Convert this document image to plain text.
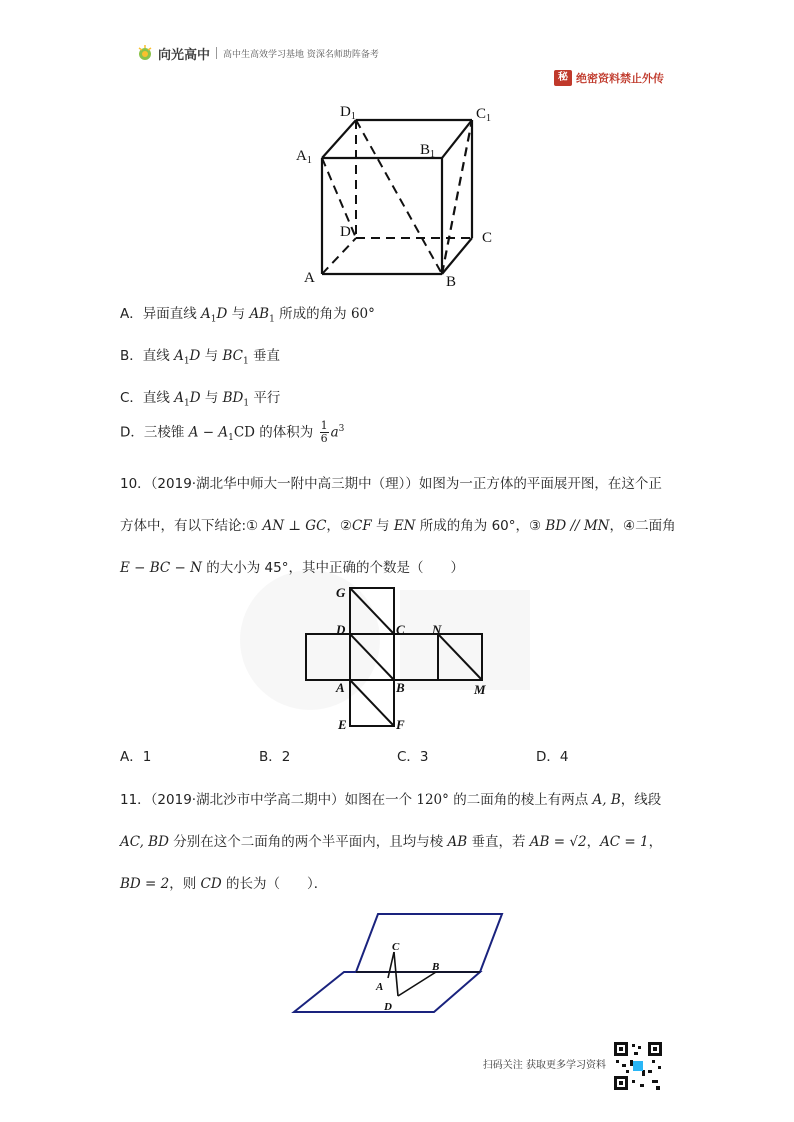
向光高中 高中生高效学习基地 资深名师助阵备考
秘 绝密资料禁止外传
$D_1$	$C_1$
$A_1$
$B_1$
D	C
A	B
A．异面直线 $A_1D$ 与 $AB_1$ 所成的角为 60°
B．直线 $A_1D$ 与 $BC_1$ 垂直
C．直线 $A_1D$ 与 $BD_1$ 平行
D．三棱锥 $A - A_1CD$ 的体积为 $\frac{1}{6} a^3$
10．（2019·湖北华中师大一附中高三期中（理））如图为一正方体的平面展开图，在这个正
方体中，有以下结论:① AN ⊥ GC，②CF 与 EN 所成的角为 60°，③ BD // MN，④二面角
E − BC − N 的大小为 45°，其中正确的个数是（　　）
G
D	C N
A	B	M
E	F
A．1	B．2	C．3	D．4
11．（2019·湖北沙市中学高二期中）如图在一个 120° 的二面角的棱上有两点 A, B，线段
AC, BD 分别在这个二面角的两个半平面内，且均与棱 AB 垂直，若 AB = √2，AC = 1，
BD = 2，则 CD 的长为（　　）．
C
B
A
D
扫码关注 获取更多学习资料
